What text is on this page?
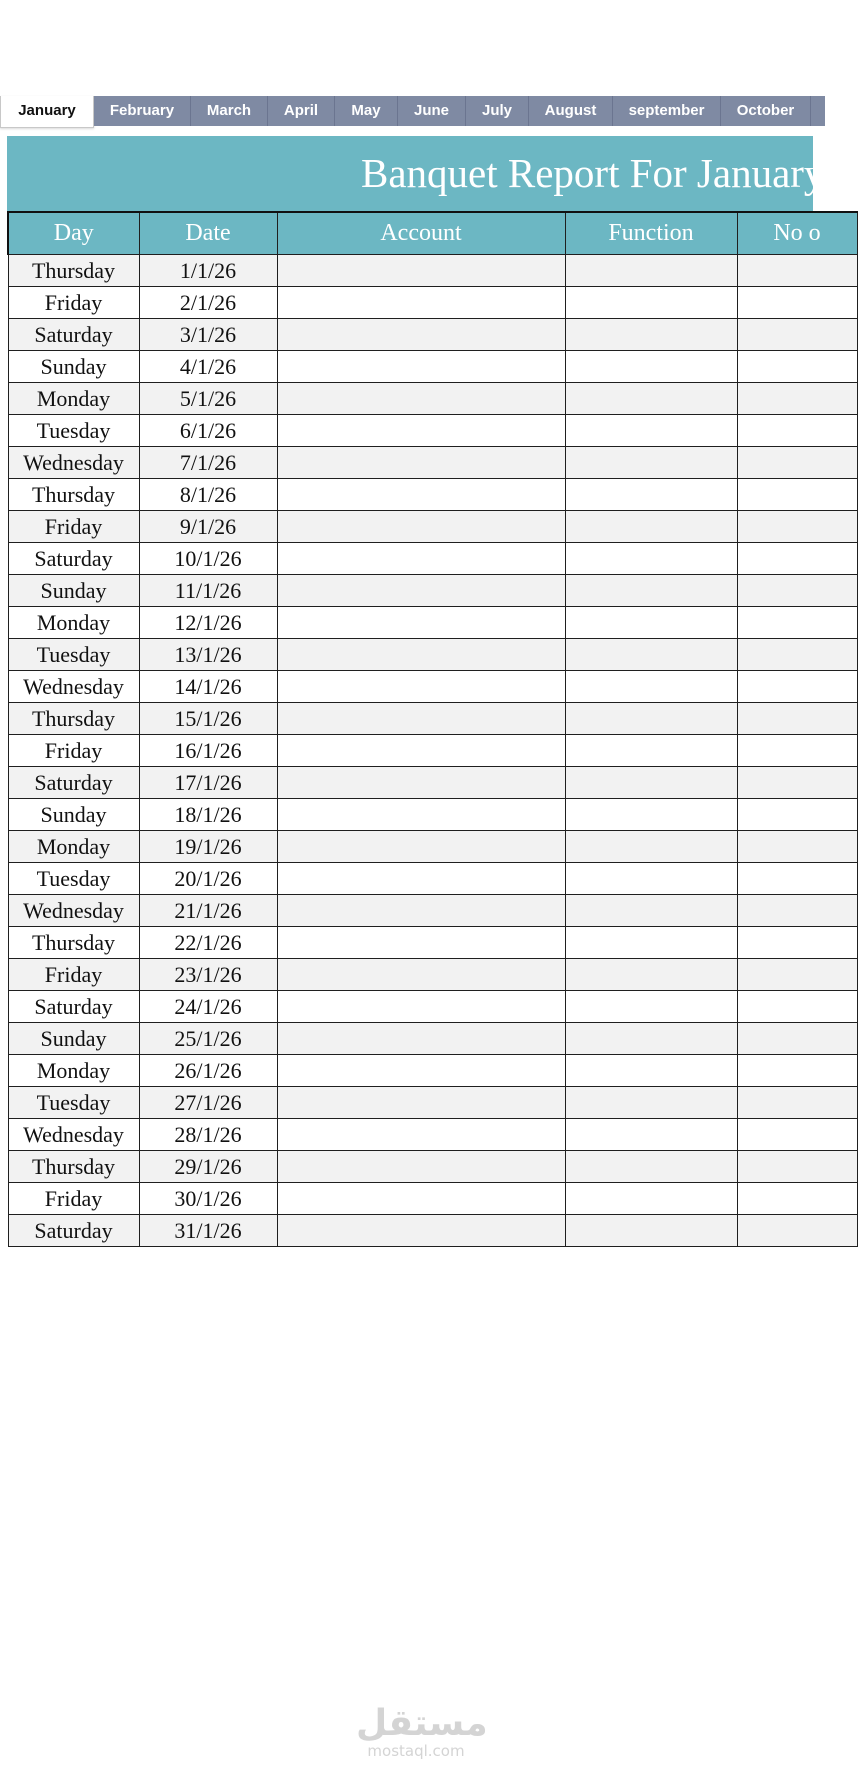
January	February	March	April	May	June	July	August	september	October
Banquet Report For January
Day	Date	Account	Function	No o
Thursday	1/1/26			
Friday	2/1/26			
Saturday	3/1/26			
Sunday	4/1/26			
Monday	5/1/26			
Tuesday	6/1/26			
Wednesday	7/1/26			
Thursday	8/1/26			
Friday	9/1/26			
Saturday	10/1/26			
Sunday	11/1/26			
Monday	12/1/26			
Tuesday	13/1/26			
Wednesday	14/1/26			
Thursday	15/1/26			
Friday	16/1/26			
Saturday	17/1/26			
Sunday	18/1/26			
Monday	19/1/26			
Tuesday	20/1/26			
Wednesday	21/1/26			
Thursday	22/1/26			
Friday	23/1/26			
Saturday	24/1/26			
Sunday	25/1/26			
Monday	26/1/26			
Tuesday	27/1/26			
Wednesday	28/1/26			
Thursday	29/1/26			
Friday	30/1/26			
Saturday	31/1/26			
مستقل
mostaql.com
